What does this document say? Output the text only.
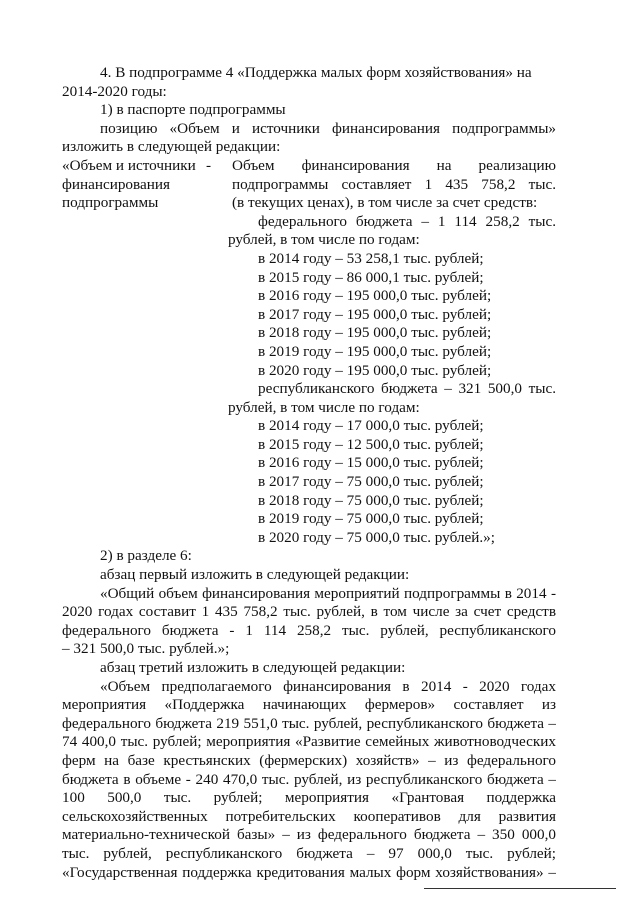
4. В подпрограмме 4 «Поддержка малых форм хозяйствования» на
2014-2020 годы:
1) в паспорте подпрограммы
позицию «Объем и источники финансирования подпрограммы»
изложить в следующей редакции:
«Объем и источники -	Объем финансирования на реализацию
финансирования	подпрограммы составляет 1 435 758,2 тыс.
подпрограммы	(в текущих ценах), в том числе за счет средств:
федерального бюджета – 1 114 258,2 тыс.
рублей, в том числе по годам:
в 2014 году – 53 258,1 тыс. рублей;
в 2015 году – 86 000,1 тыс. рублей;
в 2016 году – 195 000,0 тыс. рублей;
в 2017 году – 195 000,0 тыс. рублей;
в 2018 году – 195 000,0 тыс. рублей;
в 2019 году – 195 000,0 тыс. рублей;
в 2020 году – 195 000,0 тыс. рублей;
республиканского бюджета – 321 500,0 тыс.
рублей, в том числе по годам:
в 2014 году – 17 000,0 тыс. рублей;
в 2015 году – 12 500,0 тыс. рублей;
в 2016 году – 15 000,0 тыс. рублей;
в 2017 году – 75 000,0 тыс. рублей;
в 2018 году – 75 000,0 тыс. рублей;
в 2019 году – 75 000,0 тыс. рублей;
в 2020 году – 75 000,0 тыс. рублей.»;
2) в разделе 6:
абзац первый изложить в следующей редакции:
«Общий объем финансирования мероприятий подпрограммы в 2014 -
2020 годах составит 1 435 758,2 тыс. рублей, в том числе за счет средств
федерального бюджета - 1 114 258,2 тыс. рублей, республиканского
– 321 500,0 тыс. рублей.»;
абзац третий изложить в следующей редакции:
«Объем предполагаемого финансирования в 2014 - 2020 годах
мероприятия «Поддержка начинающих фермеров» составляет из
федерального бюджета 219 551,0 тыс. рублей, республиканского бюджета –
74 400,0 тыс. рублей; мероприятия «Развитие семейных животноводческих
ферм на базе крестьянских (фермерских) хозяйств» – из федерального
бюджета в объеме - 240 470,0 тыс. рублей, из республиканского бюджета –
100 500,0 тыс. рублей; мероприятия «Грантовая поддержка
сельскохозяйственных потребительских кооперативов для развития
материально-технической базы» – из федерального бюджета – 350 000,0
тыс. рублей, республиканского бюджета – 97 000,0 тыс. рублей;
«Государственная поддержка кредитования малых форм хозяйствования» –
